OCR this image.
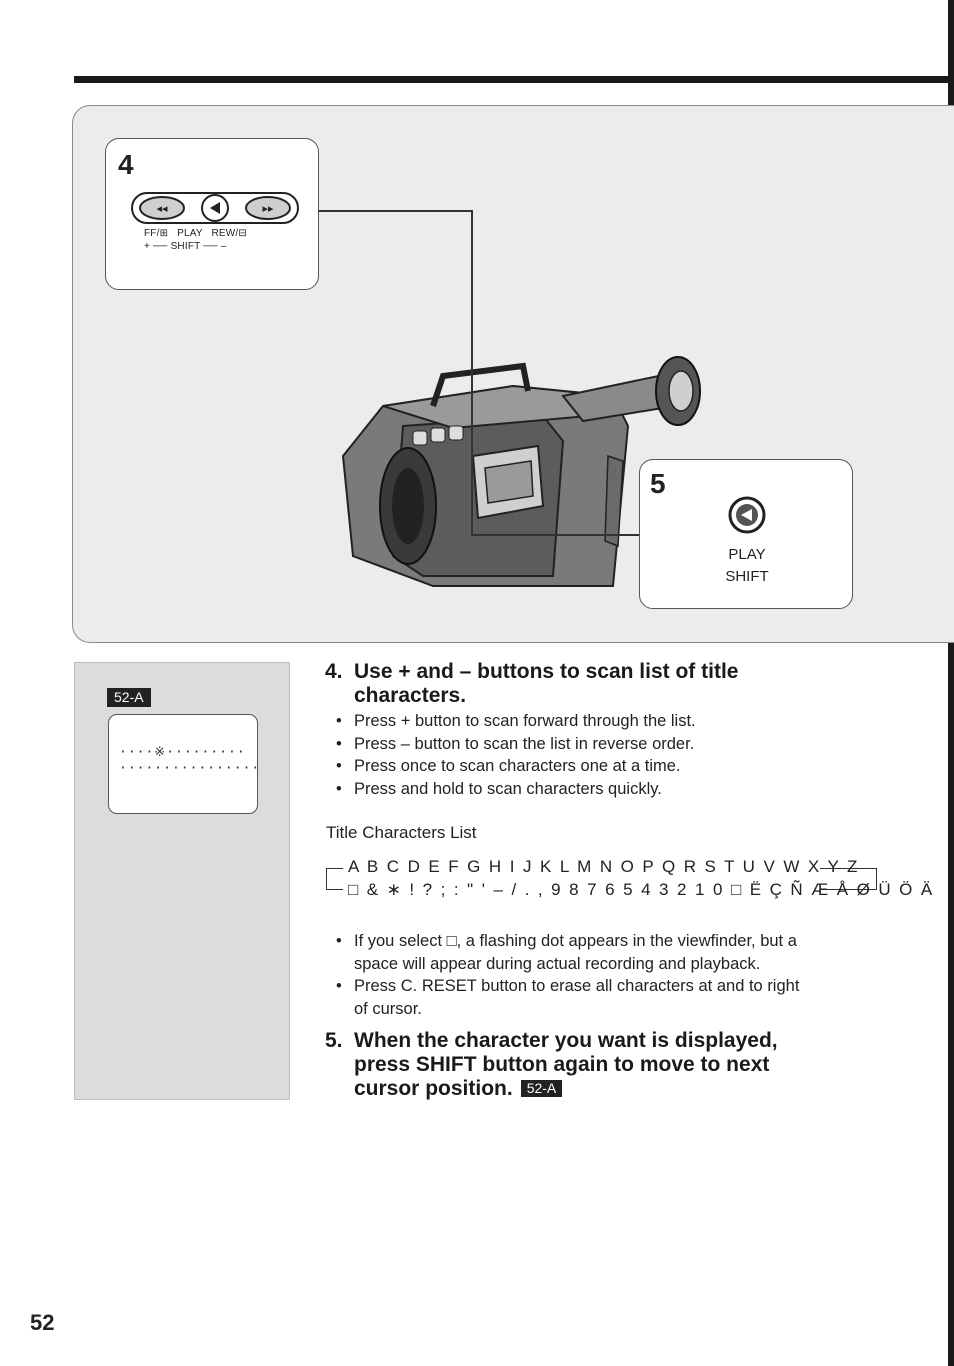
4
◂◂	▸▸
FF/⊞   PLAY   REW/⊟
+ ── SHIFT ── –
5
PLAY
SHIFT
52-A
····※·········
················
4. Use + and – buttons to scan list of title
characters.
• Press + button to scan forward through the list.
• Press – button to scan the list in reverse order.
• Press once to scan characters one at a time.
• Press and hold to scan characters quickly.
Title Characters List
A B C D E F G H I J K L M N O P Q R S T U V W X Y Z
□ & ∗ ! ? ; : " ' – / . , 9 8 7 6 5 4 3 2 1 0 □ Ë Ç Ñ Æ Å Ø Ü Ö Ä
• If you select □, a flashing dot appears in the viewfinder, but a
space will appear during actual recording and playback.
• Press C. RESET button to erase all characters at and to right
of cursor.
5. When the character you want is displayed,
press SHIFT button again to move to next
cursor position. 52-A
52
